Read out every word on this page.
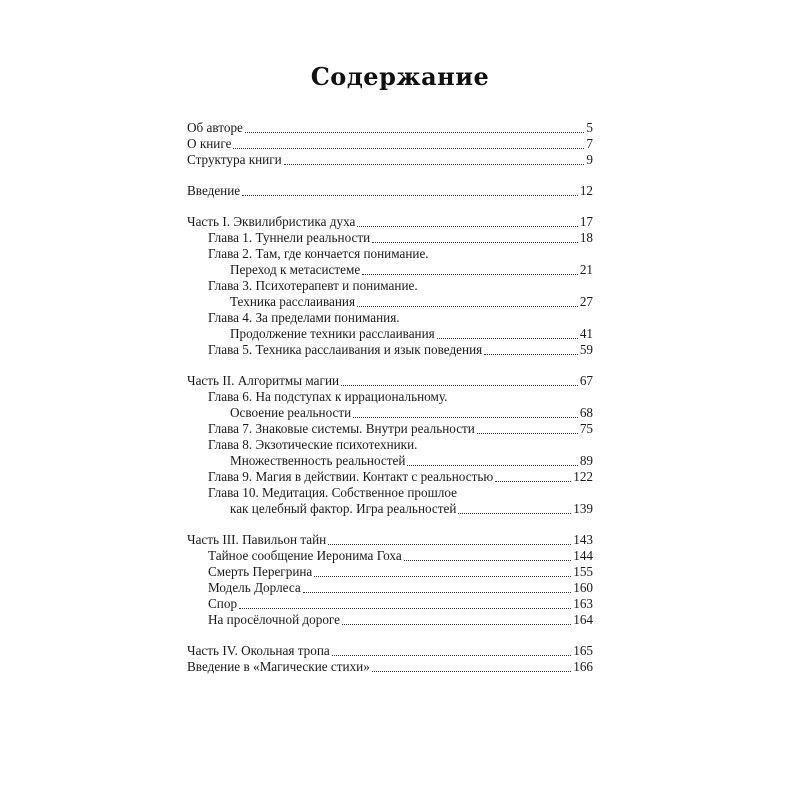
Содержание
Об авторе	5
О книге	7
Структура книги	9
Введение	12
Часть I. Эквилибристика духа	17
Глава 1. Туннели реальности	18
Глава 2. Там, где кончается понимание.
Переход к метасистеме	21
Глава 3. Психотерапевт и понимание.
Техника расслаивания	27
Глава 4. За пределами понимания.
Продолжение техники расслаивания	41
Глава 5. Техника расслаивания и язык поведения	59
Часть II. Алгоритмы магии	67
Глава 6. На подступах к иррациональному.
Освоение реальности	68
Глава 7. Знаковые системы. Внутри реальности	75
Глава 8. Экзотические психотехники.
Множественность реальностей	89
Глава 9. Магия в действии. Контакт с реальностью	122
Глава 10. Медитация. Собственное прошлое
как целебный фактор. Игра реальностей	139
Часть III. Павильон тайн	143
Тайное сообщение Иеронима Гоха	144
Смерть Перегрина	155
Модель Дорлеса	160
Спор	163
На просёлочной дороге	164
Часть IV. Окольная тропа	165
Введение в «Магические стихи»	166
